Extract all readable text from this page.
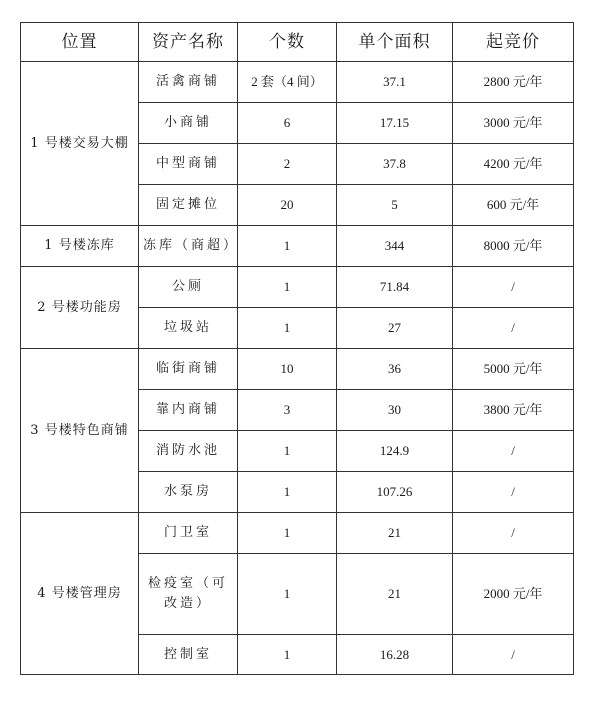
位置	资产名称	个数	单个面积	起竞价
1 号楼交易大棚	活禽商铺	2 套（4 间）	37.1	2800 元/年
	小商铺	6	17.15	3000 元/年
	中型商铺	2	37.8	4200 元/年
	固定摊位	20	5	600 元/年
1 号楼冻库	冻库（商超）	1	344	8000 元/年
2 号楼功能房	公厕	1	71.84	/
	垃圾站	1	27	/
3 号楼特色商铺	临街商铺	10	36	5000 元/年
	靠内商铺	3	30	3800 元/年
	消防水池	1	124.9	/
	水泵房	1	107.26	/
4 号楼管理房	门卫室	1	21	/
	检疫室（可改造）	1	21	2000 元/年
	控制室	1	16.28	/
